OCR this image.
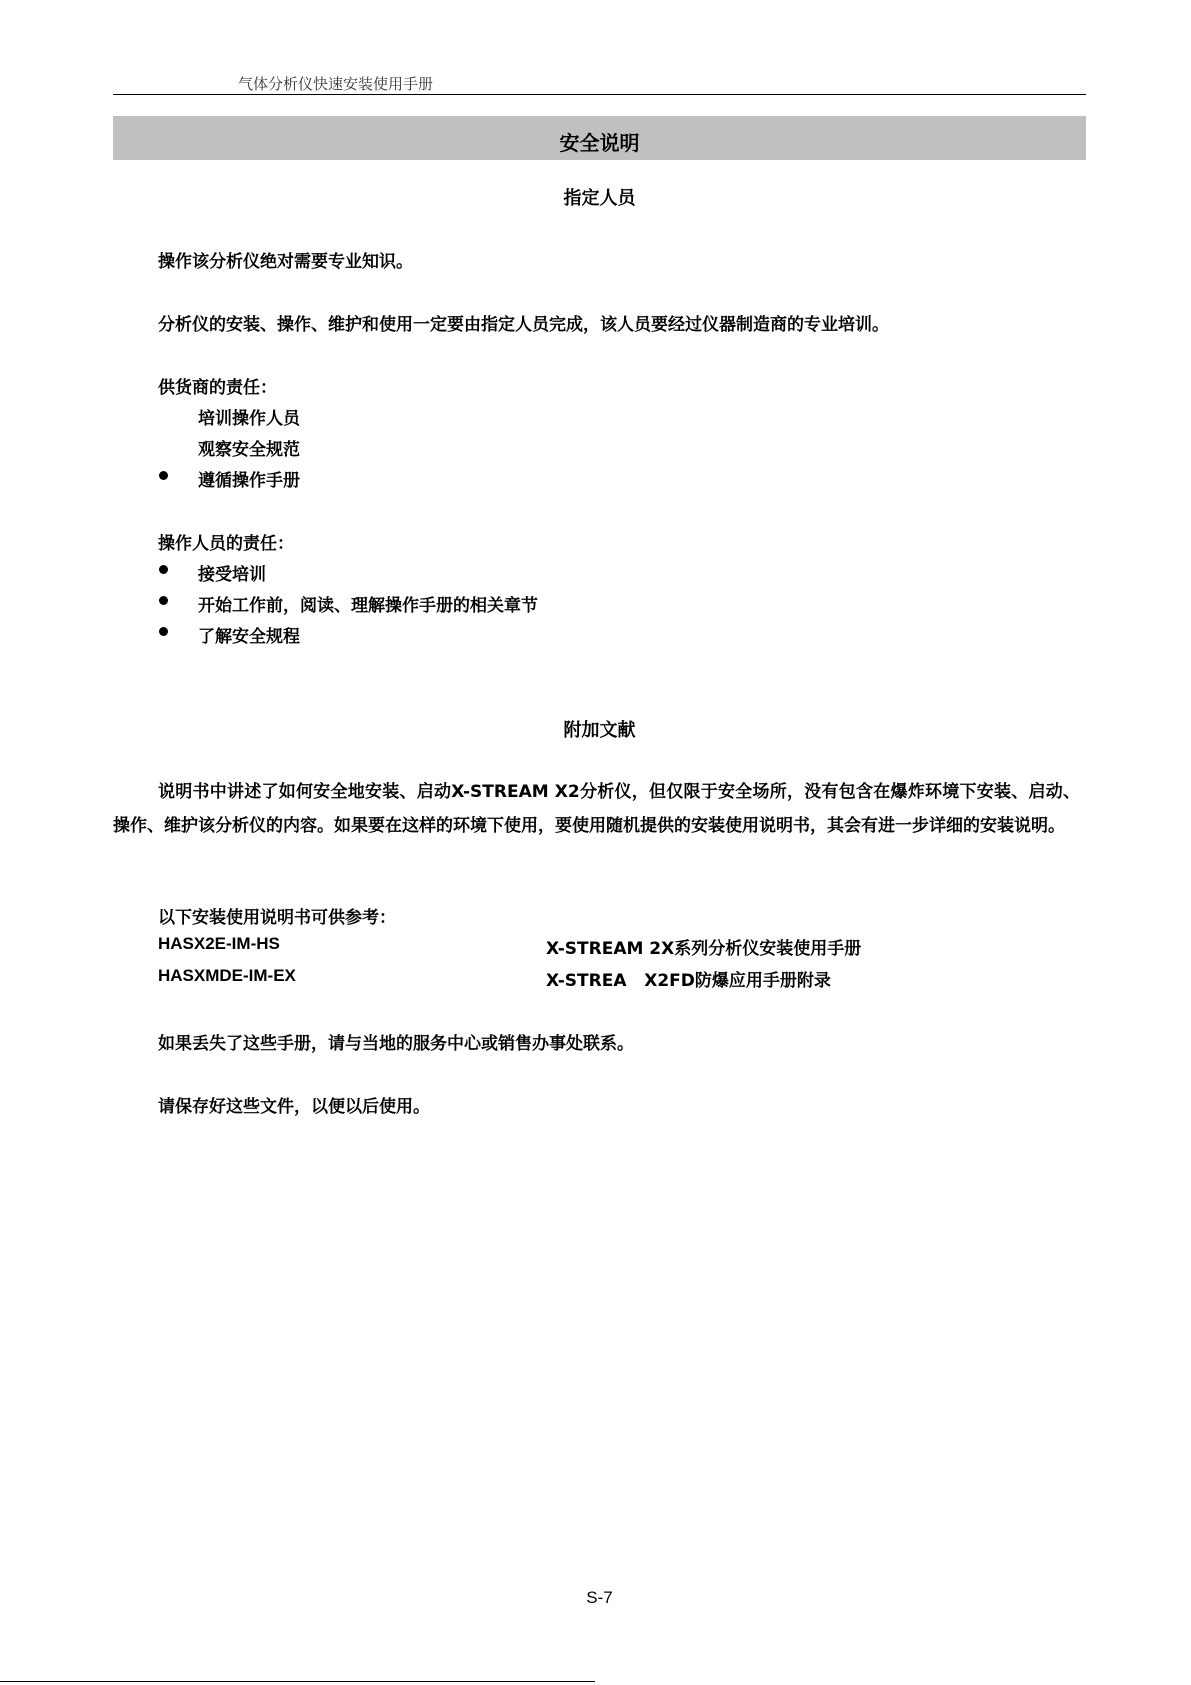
气体分析仪快速安装使用手册
安全说明
指定人员
操作该分析仪绝对需要专业知识。
分析仪的安装、操作、维护和使用一定要由指定人员完成，该人员要经过仪器制造商的专业培训。
供货商的责任：
培训操作人员
观察安全规范
遵循操作手册
操作人员的责任：
接受培训
开始工作前，阅读、理解操作手册的相关章节
了解安全规程
附加文献
说明书中讲述了如何安全地安装、启动X-STREAM X2分析仪，但仅限于安全场所，没有包含在爆炸环境下安装、启动、操作、维护该分析仪的内容。如果要在这样的环境下使用，要使用随机提供的安装使用说明书，其会有进一步详细的安装说明。
以下安装使用说明书可供参考：
HASX2E-IM-HS	X-STREAM 2X系列分析仪安装使用手册
HASXMDE-IM-EX	X-STREA   X2FD防爆应用手册附录
如果丢失了这些手册，请与当地的服务中心或销售办事处联系。
请保存好这些文件，以便以后使用。
S-7
